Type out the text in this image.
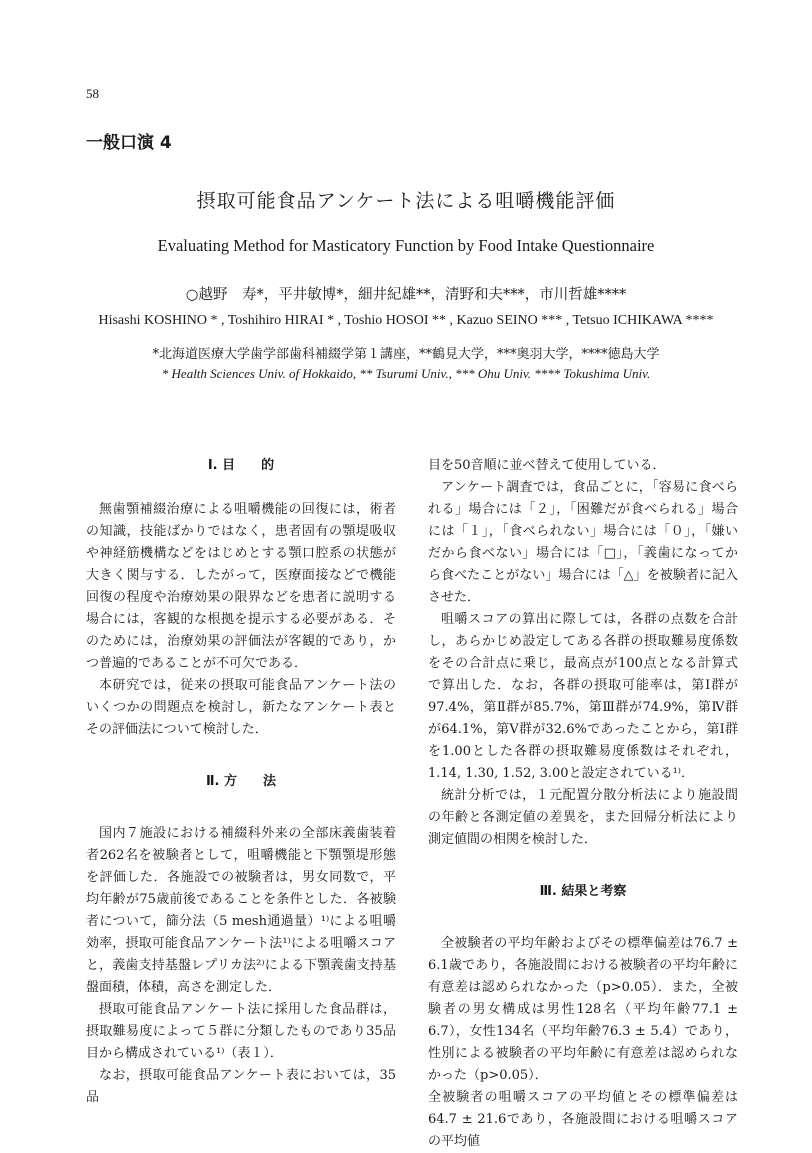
58
一般口演 4
摂取可能食品アンケート法による咀嚼機能評価
Evaluating Method for Masticatory Function by Food Intake Questionnaire
○越野　寿*，平井敏博*，細井紀雄**，清野和夫***，市川哲雄****
Hisashi KOSHINO * , Toshihiro HIRAI * , Toshio HOSOI ** , Kazuo SEINO *** , Tetsuo ICHIKAWA ****
*北海道医療大学歯学部歯科補綴学第１講座，**鶴見大学，***奥羽大学，****徳島大学
* Health Sciences Univ. of Hokkaido, ** Tsurumi Univ., *** Ohu Univ. **** Tokushima Univ.
Ⅰ. 目　　的

無歯顎補綴治療による咀嚼機能の回復には，術者の知識，技能ばかりではなく，患者固有の顎堤吸収や神経筋機構などをはじめとする顎口腔系の状態が大きく関与する．したがって，医療面接などで機能回復の程度や治療効果の限界などを患者に説明する場合には，客観的な根拠を提示する必要がある．そのためには，治療効果の評価法が客観的であり，かつ普遍的であることが不可欠である．

本研究では，従来の摂取可能食品アンケート法のいくつかの問題点を検討し，新たなアンケート表とその評価法について検討した．

Ⅱ. 方　　法

国内７施設における補綴科外来の全部床義歯装着者262名を被験者として，咀嚼機能と下顎顎堤形態を評価した．各施設での被験者は，男女同数で，平均年齢が75歳前後であることを条件とした．各被験者について，篩分法（5 mesh通過量）¹⁾による咀嚼効率，摂取可能食品アンケート法¹⁾による咀嚼スコアと，義歯支持基盤レプリカ法²⁾による下顎義歯支持基盤面積，体積，高さを測定した．

摂取可能食品アンケート法に採用した食品群は，摂取難易度によって５群に分類したものであり35品目から構成されている¹⁾（表１）．

なお，摂取可能食品アンケート表においては，35品

目を50音順に並べ替えて使用している．

アンケート調査では，食品ごとに，「容易に食べられる」場合には「２」，「困難だが食べられる」場合には「１」，「食べられない」場合には「０」，「嫌いだから食べない」場合には「□」，「義歯になってから食べたことがない」場合には「△」を被験者に記入させた．

咀嚼スコアの算出に際しては，各群の点数を合計し，あらかじめ設定してある各群の摂取難易度係数をその合計点に乗じ，最高点が100点となる計算式で算出した．なお，各群の摂取可能率は，第Ⅰ群が97.4%，第Ⅱ群が85.7%，第Ⅲ群が74.9%，第Ⅳ群が64.1%，第Ⅴ群が32.6%であったことから，第Ⅰ群を1.00とした各群の摂取難易度係数はそれぞれ，1.14, 1.30, 1.52, 3.00と設定されている¹⁾．

統計分析では，１元配置分散分析法により施設間の年齢と各測定値の差異を，また回帰分析法により測定値間の相関を検討した．

Ⅲ. 結果と考察

全被験者の平均年齢およびその標準偏差は76.7 ± 6.1歳であり，各施設間における被験者の平均年齢に有意差は認められなかった（p>0.05）．また，全被験者の男女構成は男性128名（平均年齢77.1 ± 6.7），女性134名（平均年齢76.3 ± 5.4）であり，性別による被験者の平均年齢に有意差は認められなかった（p>0.05）．

全被験者の咀嚼スコアの平均値とその標準偏差は64.7 ± 21.6であり，各施設間における咀嚼スコアの平均値
